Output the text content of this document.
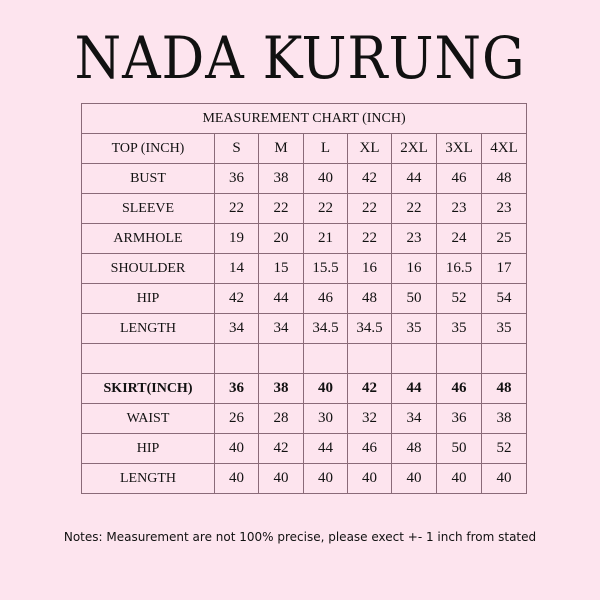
NADA KURUNG
MEASUREMENT CHART (INCH)							
TOP (INCH)	S	M	L	XL	2XL	3XL	4XL
BUST	36	38	40	42	44	46	48
SLEEVE	22	22	22	22	22	23	23
ARMHOLE	19	20	21	22	23	24	25
SHOULDER	14	15	15.5	16	16	16.5	17
HIP	42	44	46	48	50	52	54
LENGTH	34	34	34.5	34.5	35	35	35

SKIRT(INCH)	36	38	40	42	44	46	48
WAIST	26	28	30	32	34	36	38
HIP	40	42	44	46	48	50	52
LENGTH	40	40	40	40	40	40	40
Notes: Measurement are not 100% precise, please exect +- 1 inch from stated
